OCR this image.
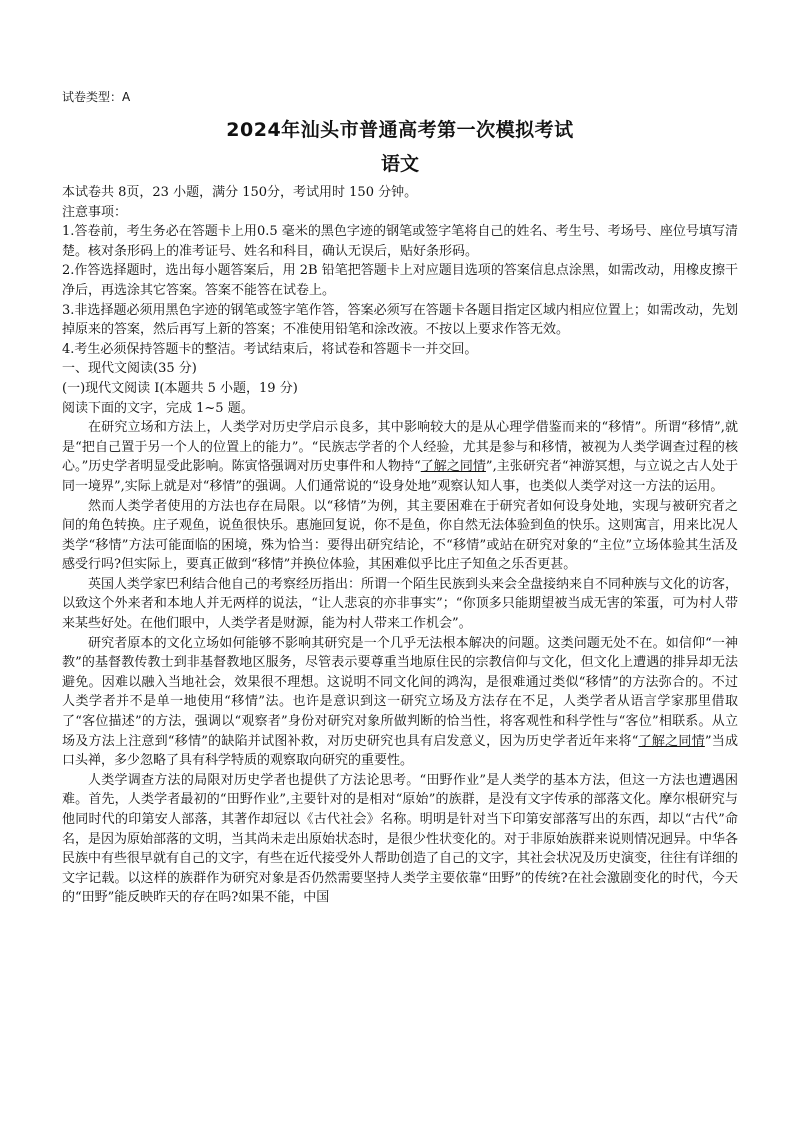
试卷类型：A

2024年汕头市普通高考第一次模拟考试
语文

本试卷共 8页，23 小题，满分 150分，考试用时 150 分钟。

注意事项：

1.答卷前，考生务必在答题卡上用0.5 毫米的黑色字迹的钢笔或签字笔将自己的姓名、考生号、考场号、座位号填写清楚。核对条形码上的准考证号、姓名和科目，确认无误后，贴好条形码。

2.作答选择题时，选出每小题答案后，用 2B 铅笔把答题卡上对应题目选项的答案信息点涂黑，如需改动，用橡皮擦干净后，再选涂其它答案。答案不能答在试卷上。

3.非选择题必须用黑色字迹的钢笔或签字笔作答，答案必须写在答题卡各题目指定区域内相应位置上；如需改动，先划掉原来的答案，然后再写上新的答案；不准使用铅笔和涂改液。不按以上要求作答无效。

4.考生必须保持答题卡的整洁。考试结束后，将试卷和答题卡一并交回。

一、现代文阅读(35 分)

(一)现代文阅读 I(本题共 5 小题，19 分)

阅读下面的文字，完成 1~5 题。

在研究立场和方法上，人类学对历史学启示良多，其中影响较大的是从心理学借鉴而来的“移情”。所谓“移情”,就是“把自己置于另一个人的位置上的能力”。“民族志学者的个人经验，尤其是参与和移情，被视为人类学调查过程的核心。”历史学者明显受此影响。陈寅恪强调对历史事件和人物持“了解之同情”,主张研究者“神游冥想，与立说之古人处于同一境界”,实际上就是对“移情”的强调。人们通常说的“设身处地”观察认知人事，也类似人类学对这一方法的运用。

然而人类学者使用的方法也存在局限。以“移情”为例，其主要困难在于研究者如何设身处地，实现与被研究者之间的角色转换。庄子观鱼，说鱼很快乐。惠施回复说，你不是鱼，你自然无法体验到鱼的快乐。这则寓言，用来比况人类学“移情”方法可能面临的困境，殊为恰当：要得出研究结论，不“移情”或站在研究对象的“主位”立场体验其生活及感受行吗?但实际上，要真正做到“移情”并换位体验，其困难似乎比庄子知鱼之乐否更甚。

英国人类学家巴利结合他自己的考察经历指出：所谓一个陌生民族到头来会全盘接纳来自不同种族与文化的访客，以致这个外来者和本地人并无两样的说法，“让人悲哀的亦非事实”；“你顶多只能期望被当成无害的笨蛋，可为村人带来某些好处。在他们眼中，人类学者是财源，能为村人带来工作机会”。

研究者原本的文化立场如何能够不影响其研究是一个几乎无法根本解决的问题。这类问题无处不在。如信仰“一神教”的基督教传教士到非基督教地区服务，尽管表示要尊重当地原住民的宗教信仰与文化，但文化上遭遇的排异却无法避免。因难以融入当地社会，效果很不理想。这说明不同文化间的鸿沟，是很难通过类似“移情”的方法弥合的。不过人类学者并不是单一地使用“移情”法。也许是意识到这一研究立场及方法存在不足，人类学者从语言学家那里借取了“客位描述”的方法，强调以“观察者”身份对研究对象所做判断的恰当性，将客观性和科学性与“客位”相联系。从立场及方法上注意到“移情”的缺陷并试图补救，对历史研究也具有启发意义，因为历史学者近年来将“了解之同情”当成口头禅，多少忽略了具有科学特质的观察取向研究的重要性。

人类学调查方法的局限对历史学者也提供了方法论思考。“田野作业”是人类学的基本方法，但这一方法也遭遇困难。首先，人类学者最初的“田野作业”,主要针对的是相对“原始”的族群，是没有文字传承的部落文化。摩尔根研究与他同时代的印第安人部落，其著作却冠以《古代社会》名称。明明是针对当下印第安部落写出的东西，却以“古代”命名，是因为原始部落的文明，当其尚未走出原始状态时，是很少性状变化的。对于非原始族群来说则情况迥异。中华各民族中有些很早就有自己的文字，有些在近代接受外人帮助创造了自己的文字，其社会状况及历史演变，往往有详细的文字记载。以这样的族群作为研究对象是否仍然需要坚持人类学主要依靠“田野”的传统?在社会激剧变化的时代，今天的“田野”能反映昨天的存在吗?如果不能，中国
